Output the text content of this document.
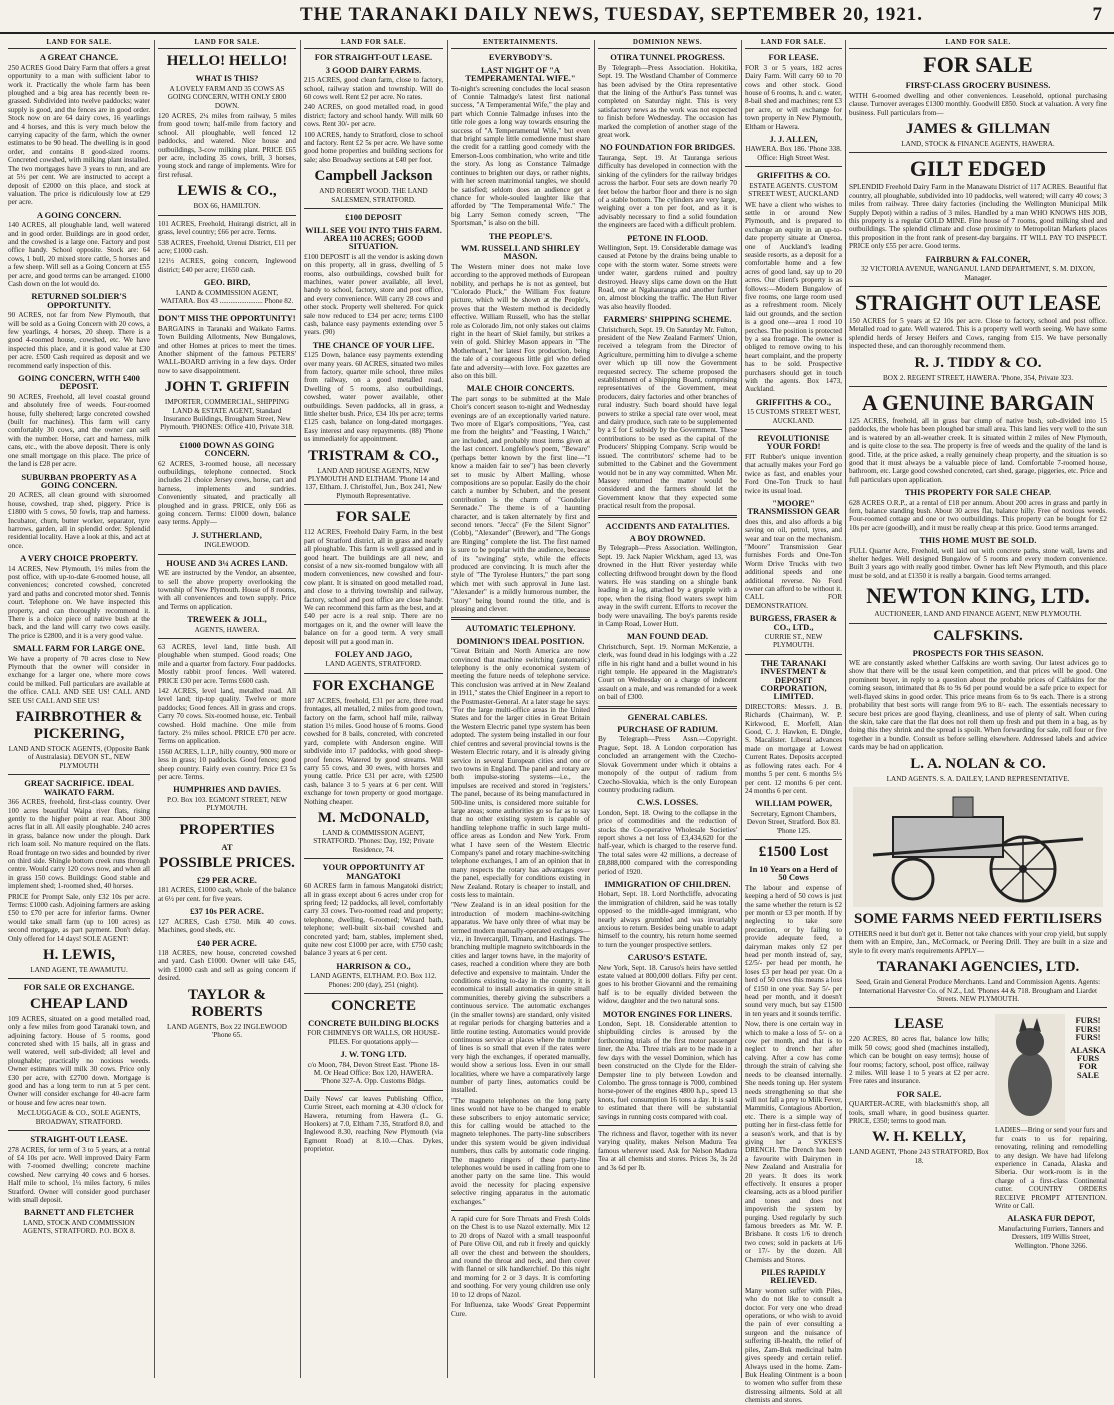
THE TARANAKI DAILY NEWS, TUESDAY, SEPTEMBER 20, 1921.	7
LAND FOR SALE.
A GREAT CHANCE.

250 ACRES Good Dairy Farm that offers a great opportunity to a man with sufficient labor to work it. Practically the whole farm has been ploughed and a big area has recently been re-grassed. Subdivided into twelve paddocks; water supply is good, and the fences are in good order. Stock now on are 64 dairy cows, 16 yearlings and 4 horses, and this is very much below the carrying capacity of the farm, which the owner estimates to be 90 head. The dwelling is in good order, and contains 8 good-sized rooms. Concreted cowshed, with milking plant installed. The two mortgages have 3 years to run, and are at 5½ per cent. We are instructed to accept a deposit of £2000 on this place, and stock at valuation. The price is ridiculously low at £29 per acre.

A GOING CONCERN.

140 ACRES, all ploughable land, well watered and in good order. Buildings are in good order, and the cowshed is a large one. Factory and post office handy. School opposite. Stock are: 64 cows, 1 bull, 20 mixed store cattle, 5 horses and a few sheep. Will sell as a Going Concern at £55 per acre, and good terms can be arranged. £1000 Cash down on the lot would do.

RETURNED SOLDIER'S OPPORTUNITY.

90 ACRES, not far from New Plymouth, that will be sold as a Going Concern with 20 cows, a few yearlings, 4 horses, 20 sheep. There is a good 4-roomed house, cowshed, etc. We have inspected this place, and it is good value at £30 per acre. £500 Cash required as deposit and we recommend early inspection of this.

GOING CONCERN, WITH £400 DEPOSIT.

90 ACRES, Freehold, all level coastal ground and absolutely free of weeds. Four-roomed house, fully sheltered; large concreted cowshed (built for machines). This farm will carry comfortably 30 cows, and the owner can sell with the number. Horse, cart and harness, milk cans, etc., with the above deposit. There is only one small mortgage on this place. The price of the land is £28 per acre.

SUBURBAN PROPERTY AS A GOING CONCERN.

20 ACRES, all clean ground with sixroomed house, cowshed, trap shed, piggery. Price is £1800 with 5 cows, 50 fowls, trap and harness. Incubator, churn, butter worker, separator, tyre harrows, garden, all in splendid order. Splendid residential locality. Have a look at this, and act at once.

A VERY CHOICE PROPERTY.

14 ACRES, New Plymouth, 1½ miles from the post office, with up-to-date 6-roomed house, all conveniences; concreted cowshed, concreted yard and paths and concreted motor shed. Tennis court. Telephone on. We have inspected this property, and can thoroughly recommend it. There is a choice piece of native bush at the back, and the land will carry two cows easily. The price is £2800, and it is a very good value.

SMALL FARM FOR LARGE ONE.

We have a property of 70 acres close to New Plymouth that the owner will consider in exchange for a larger one, where more cows could be milked. Full particulars are available at the office. CALL AND SEE US! CALL AND SEE US! CALL AND SEE US!

FAIRBROTHER & PICKERING,

LAND AND STOCK AGENTS, (Opposite Bank of Australasia). DEVON ST., NEW PLYMOUTH

GREAT SACRIFICE. IDEAL WAIKATO FARM.

366 ACRES, freehold, first-class country. Over 100 acres beautiful Waipa river flats, rising gently to the higher point at rear. About 300 acres flat in all. All easily ploughable. 240 acres in grass, balance now under the plough. Dark rich loam soil. No manure required on the flats. Road frontage on two sides and bounded by river on third side. Shingle bottom creek runs through centre. Would carry 120 cows now, and when all in grass 150 cows. Buildings: Good stable and implement shed; 1-roomed shed, 40 horses.

PRICE for Prompt Sale, only £32 10s per acre. Terms: £1000 cash. Adjoining farmers are asking £50 to £70 per acre for inferior farms. Owner would take small farm (up to 100 acres) as second mortgage, as part payment. Don't delay. Only offered for 14 days! SOLE AGENT:

H. LEWIS,

LAND AGENT, TE AWAMUTU.

FOR SALE OR EXCHANGE.
CHEAP LAND

109 ACRES, situated on a good metalled road, only a few miles from good Taranaki town, and adjoining factory. House of 5 rooms, good concreted shed with 15 bails, all in grass and well watered, well sub-divided; all level and ploughable; practically no noxious weeds. Owner estimates will milk 30 cows. Price only £30 per acre, with £2700 down. Mortgage is good and has a long term to run at 5 per cent. Owner will consider exchange for 40-acre farm or house and few acres near town.

McCLUGGAGE & CO., SOLE AGENTS, BROADWAY, STRATFORD.

STRAIGHT-OUT LEASE.

278 ACRES, for term of 3 to 5 years, at a rental of £4 10s per acre. Well improved Dairy Farm with 7-roomed dwelling; concrete machine cowshed. New carrying 40 cows and 6 horses. Half mile to school, 1¼ miles factory, 6 miles Stratford. Owner will consider good purchaser with small deposit.

BARNETT AND FLETCHER

LAND, STOCK AND COMMISSION AGENTS, STRATFORD. P.O. BOX 8.

LAND FOR SALE.
HELLO! HELLO!
WHAT IS THIS?

A LOVELY FARM AND 35 COWS AS GOING CONCERN, WITH ONLY £800 DOWN.

120 ACRES, 2¼ miles from railway, 5 miles from good town; half-mile from factory and school. All ploughable, well fenced 12 paddocks, and watered. Nice house and outbuildings, 3-cow milking plant. PRICE £65 per acre, including 35 cows, brill, 3 horses, young stock and range of implements. Wire for first refusal.

LEWIS & CO.,

BOX 66, HAMILTON.

101 ACRES, Freehold, Huirangi district, all in grass, level country; £66 per acre. Terms.

538 ACRES, Freehold, Urenui District, £11 per acre; £1000 cash.

121½ ACRES, going concern, Inglewood district; £40 per acre; £1650 cash.

GEO. BIRD,

LAND & COMMISSION AGENT, WAITARA. Box 43 ........................ Phone 82.

DON'T MISS THE OPPORTUNITY!

BARGAINS in Taranaki and Waikato Farms. Town Building Allotments, New Bungalows, and other Homes at prices to meet the times. Another shipment of the famous PETERS' WALL-BOARD arriving in a few days. Order now to save disappointment.

JOHN T. GRIFFIN

IMPORTER, COMMERCIAL, SHIPPING LAND & ESTATE AGENT, Standard Insurance Buildings, Brougham Street, New Plymouth. 'PHONES: Office 410, Private 318.

£1000 DOWN AS GOING CONCERN.

62 ACRES, 3-roomed house, all necessary outbuildings, telephone connected. Stock includes 21 choice Jersey cows, horse, cart and harness, implements and sundries. Conveniently situated, and practically all ploughed and in grass. PRICE, only £66 as going concern. Terms: £1000 down, balance easy terms. Apply—

J. SUTHERLAND,

INGLEWOOD.

HOUSE AND 3¼ ACRES LAND.

WE are instructed by the Vendor, an absentee, to sell the above property overlooking the township of New Plymouth. House of 8 rooms, with all conveniences and town supply. Price and Terms on application.

TREWEEK & JOLL,

AGENTS, HAWERA.

63 ACRES, level land, little bush. All ploughable when stumped. Good roads; One mile and a quarter from factory. Four paddocks. Mostly rabbit proof fences. Well watered. PRICE £30 per acre. Terms £600 cash.

142 ACRES, level land, metalled road. All level land; tip-top quality. Twelve or more paddocks; Good fences. All in grass and crops. Carry 70 cows. Six-roomed house, etc. Tenbail cowshed. Hold machine. One mile from factory. 2¼ miles school. PRICE £70 per acre. Terms on application.

1560 ACRES, L.I.P., hilly country, 900 more or less in grass; 10 paddocks. Good fences; good sheep country. Fairly even country. Price £3 5s per acre. Terms.

HUMPHRIES AND DAVIES.

P.O. Box 103. EGMONT STREET, NEW PLYMOUTH.

PROPERTIES
AT
POSSIBLE PRICES.
£29 PER ACRE.

181 ACRES, £1000 cash, whole of the balance at 6½ per cent. for five years.

£37 10s PER ACRE.

127 ACRES, Cash £750. Milk 40 cows. Machines, good sheds, etc.

£40 PER ACRE.

118 ACRES, new house, concreted cowshed and yard. Cash £1000. Owner will take £45, with £1000 cash and sell as going concern if desired.

TAYLOR & ROBERTS

LAND AGENTS, Box 22 INGLEWOOD 'Phone 65.

LAND FOR SALE.
FOR STRAIGHT-OUT LEASE.
3 GOOD DAIRY FARMS.

215 ACRES, good clean farm, close to factory, school, railway station and township. Will do 60 cows well. Rent £2 per acre. No rates.

240 ACRES, on good metalled road, in good district; factory and school handy. Will milk 60 cows. Rent 30/- per acre.

100 ACRES, handy to Stratford, close to school and factory. Rent £2 5s per acre. We have some good home properties and building sections for sale; also Broadway sections at £40 per foot.

Campbell Jackson

AND ROBERT WOOD. THE LAND SALESMEN, STRATFORD.

£100 DEPOSIT
WILL SEE YOU INTO THIS FARM. AREA 110 ACRES; GOOD SITUATION.

£100 DEPOSIT is all the vendor is asking down on this property, all in grass, dwelling of 5 rooms, also outbuildings, cowshed built for machines, water power available, all level, handy to school, factory, store and post office, and every convenience. Will carry 28 cows and other stock. Property well sheltered. For quick sale now reduced to £34 per acre; terms £100 cash, balance easy payments extending over 5 years. (90)

THE CHANCE OF YOUR LIFE.

£125 Down, balance easy payments extending over many years. 60 ACRES, situated two miles from factory, quarter mile school, three miles from railway, on a good metalled road. Dwelling of 5 rooms, also outbuildings, cowshed, water power available, other outbuildings. Seven paddocks, all in grass, a little shelter bush. Price, £34 10s per acre; terms £125 cash, balance on long-dated mortgages. Easy interest and easy repayments. (88) 'Phone us immediately for appointment.

TRISTRAM & CO.,

LAND AND HOUSE AGENTS, NEW PLYMOUTH AND ELTHAM. 'Phone 14 and 137, Eltham. J. Christoffel, Jun., Box 241, New Plymouth Representative.

FOR SALE

112 ACRES, Freehold Dairy Farm, in the best part of Stratford district, all in grass and nearly all ploughable. This farm is well grassed and in good heart. The buildings are all new, and consist of a new six-roomed bungalow with all modern conveniences, new cowshed and four-cow plant. It is situated on good metalled road, and close to a thriving township and railway, factory, school and post office are close handy. We can recommend this farm as the best, and at £40 per acre is a real snip. There are no mortgages on it, and the owner will leave the balance on for a good term. A very small deposit will put a good man in.

FOLEY AND JAGO,

LAND AGENTS, STRATFORD.

FOR EXCHANGE

187 ACRES, freehold, £31 per acre, three road frontages, all metalled, 2 miles from good town, factory on the farm, school half mile, railway station 1½ miles. Good house of 6 rooms. Good cowshed for 8 bails, concreted, with concreted yard, complete with Anderson engine. Will subdivide into 17 paddocks, with good sheep-proof fences. Watered by good streams. Will carry 55 cows, and 30 ewes, with horses and young cattle. Price £31 per acre, with £2500 cash, balance 3 to 5 years at 6 per cent. Will exchange for town property or good mortgage. Nothing cheaper.

M. McDONALD,

LAND & COMMISSION AGENT, STRATFORD. 'Phones: Day, 192; Private Residence, 74.

YOUR OPPORTUNITY AT MANGATOKI

60 ACRES farm in famous Mangatoki district; all in grass except about 6 acres under crop for spring feed; 12 paddocks, all level, comfortably carry 33 cows. Two-roomed road and property; telephone, dwelling, 6-roomed; Wizard bath, telephone; well-built six-bail cowshed and concreted yard; barn, stables, implement shed, quite new cost £1000 per acre, with £750 cash; balance 3 years at 6 per cent.

HARRISON & CO.,

LAND AGENTS, ELTHAM. P.O. Box 112. Phones: 200 (day), 251 (night).

CONCRETE
CONCRETE BUILDING BLOCKS

FOR CHIMNEYS OR WALLS, OR HOUSE-PILES. For quotations apply—

J. W. TONG LTD.

c/o Moon, 784, Devon Street East. 'Phone 18-M. Or Head Office: Box 120, HAWERA. 'Phone 327-A. Opp. Customs Bldgs.

Daily News' car leaves Publishing Office, Currie Street, each morning at 4.30 o'clock for Hawera, returning from Hawera (L. G. Hookers) at 7.0, Eltham 7.35, Stratford 8.0, and Inglewood 8.30, reaching New Plymouth (via Egmont Road) at 8.10.—Chas. Dykes, proprietor.

ENTERTAINMENTS.
EVERYBODY'S.
LAST NIGHT OF "A TEMPERAMENTAL WIFE."

To-night's screening concludes the local season of Connie Talmadge's latest first national success, "A Temperamental Wife," the play and part which Connie Talmadge infuses into the title role goes a long way towards ensuring the success of "A Temperamental Wife," but even that bright sample little comedienne must share the credit for a rattling good comedy with the Emerson-Loos combination, who write and title the story. As long as Constance Talmadge continues to brighten our days, or rather nights, with her screen matrimonial tangles, we should be satisfied; seldom does an audience get a chance for whole-souled laughter like that afforded by "The Temperamental Wife." The big Larry Semon comedy screen, "The Sportsman," is also on the bill.

THE PEOPLE'S.
WM. RUSSELL AND SHIRLEY MASON.

The Western miner does not make love according to the approved methods of European nobility, and perhaps he is not as genteel, but "Colorado Pluck," the William Fox feature picture, which will be shown at the People's, proves that the Western method is decidedly effective. William Russell, who has the stellar role as Colorado Jim, not only stakes out claims right in the heart of Skiel family, but strikes a vein of gold. Shirley Mason appears in "The Motherheart," her latest Fox production, being the tale of a courageous little girl who defied fate and adversity—with love. Fox gazettes are also on this bill.

MALE CHOIR CONCERTS.

The part songs to be submitted at the Male Choir's concert season to-night and Wednesday evenings are of an exceptionally varied nature. Two more of Elgar's compositions, "Yea, cast me from the heights" and "Feasting, I Watch," are included, and probably most items given at the last concert. Longfellow's poem, "Beware" (perhaps better known by the first line—"I know a maiden fair to see") has been cleverly set to music by Albert Malling, whose compositions are so popular. Easily do the choir catch a number by Schubert, and the present contribution is the charm of "Gondolier Serenade." The theme is of a haunting character, and is taken alternately by first and second tenors. "Jecca" (Fe the Silent Signor" (Cobb), "Alexander" (Brewer), and "The Gongs are Ringing" complete the list. The first named is sure to be popular with the audience, because of its "swinging" style, while the effects produced are convincing. It is much after the style of "The Tyrolese Hunters," the part song which met with such approval in June last. "Alexander" is a mildly humorous number, the "story" being bound round the title, and is pleasing and clever.

AUTOMATIC TELEPHONY.
DOMINION'S IDEAL POSITION.

"Great Britain and North America are now convinced that machine switching (automatic) telephony is the only economical system of meeting the future needs of telephone service. This conclusion was arrived at in New Zealand in 1911," states the Chief Engineer in a report to the Postmaster-General. At a later stage he says: "For the large multi-office areas in the United States and for the larger cities in Great Britain the Western Electric panel type system has been adopted. The system being installed in our four chief centres and several provincial towns is the Western Electric rotary, and it is already giving service in several European cities and one or two towns in England. The panel and rotary are both impulse-storing systems—i.e., the impulses are received and stored in 'registers.' The panel, because of its being manufactured in 500-line units, is considered more suitable for large areas; some authorities go so far as to say that no other existing system is capable of handling telephone traffic in such large multi-office areas as London and New York. From what I have seen of the Western Electric Company's panel and rotary machine-switching telephone exchanges, I am of an opinion that in many respects the rotary has advantages over the panel, especially for conditions existing in New Zealand. Rotary is cheaper to install, and costs less to maintain.

"New Zealand is in an ideal position for the introduction of modern machine-switching apparatus. We have only three of what may be termed modern manually-operated exchanges—viz., in Invercargill, Timaru, and Hastings. The branching multiple magneto switchboards in the cities and larger towns have, in the majority of cases, reached a condition where they are both defective and expensive to maintain. Under the conditions existing to-day in the country, it is economical to install automatics in quite small communities, thereby giving the subscribers a continuous service. The automatic exchanges (in the smaller towns) are standard, only visited at regular periods for charging batteries and a little routine testing. Automatics would provide continuous service at places where the number of lines is so small that even if the rates were very high the exchanges, if operated manually, would show a serious loss. Even in our small localities, where we have a comparatively large number of party lines, automatics could be installed.

"The magneto telephones on the long party lines would not have to be changed to enable these subscribers to enjoy automatic service; this for calling would be attached to the magneto telephones. The party-line subscribers under this system would be given individual numbers, thus calls by automatic code ringing. The magneto ringers of these party-line telephones would be used in calling from one to another party on the same line. This would avoid the necessity for placing expensive selective ringing apparatus in the automatic exchanges."

A rapid cure for Sore Throats and Fresh Colds on the Chest is to use Nazol externally. Mix 12 to 20 drops of Nazol with a small teaspoonful of Pure Olive Oil, and rub it freely and quickly all over the chest and between the shoulders, and round the throat and neck, and then cover with flannel or silk handkerchief. Do this night and morning for 2 or 3 days. It is comforting and soothing. For very young children use only 10 to 12 drops of Nazol.

For Influenza, take Woods' Great Peppermint Cure.

DOMINION NEWS.
OTIRA TUNNEL PROGRESS.

By Telegraph—Press Association. Hokitika, Sept. 19. The Westland Chamber of Commerce has been advised by the Otira representative that the lining of the Arthur's Pass tunnel was completed on Saturday night. This is very satisfactory news as the work was not expected to finish before Wednesday. The occasion has marked the completion of another stage of the great work.

NO FOUNDATION FOR BRIDGES.

Tauranga, Sept. 19. At Tauranga serious difficulty has developed in connection with the sinking of the cylinders for the railway bridges across the harbor. Four sets are down nearly 70 feet below the harbor floor and there is no sign of a stable bottom. The cylinders are very large, weighing over a ton per foot, and as it is advisably necessary to find a solid foundation the engineers are faced with a difficult problem.

PETONE IN FLOOD.

Wellington, Sept. 19. Considerable damage was caused at Petone by the drains being unable to cope with the storm water. Some streets were under water, gardens ruined and poultry destroyed. Heavy slips came down on the Hutt Road, one at Ngahauranga and another further on, almost blocking the traffic. The Hutt River was also heavily flooded.

FARMERS' SHIPPING SCHEME.

Christchurch, Sept. 19. On Saturday Mr. Fulton, president of the New Zealand Farmers' Union, received a telegram from the Director of Agriculture, permitting him to divulge a scheme over which up till now the Government requested secrecy. The scheme proposed the establishment of a Shipping Board, comprising representatives of the Government, meat producers, dairy factories and other branches of rural industry. Such board should have legal powers to strike a special rate over wool, meat and dairy produce, such rate to be supplemented by a £ for £ subsidy by the Government. These contributions to be used as the capital of the Producers' Shipping Company. Scrip would be issued. The contributors' scheme had to be submitted to the Cabinet and the Government would not be in any way committed. When Mr. Massey returned the matter would be considered and the farmers should let the Government know that they expected some practical result from the proposal.

ACCIDENTS AND FATALITIES.
A BOY DROWNED.

By Telegraph—Press Association. Wellington, Sept. 19. Jack Napier Wickham, aged 13, was drowned in the Hutt River yesterday while collecting driftwood brought down by the flood waters. He was standing on a shingle bank leading in a log, attached by a grapple with a rope, when the rising flood waters swept him away in the swift current. Efforts to recover the body were unavailing. The boy's parents reside in Camp Road, Lower Hutt.

MAN FOUND DEAD.

Christchurch, Sept. 19. Norman McKenzie, a clerk, was found dead in his lodgings with a .22 rifle in his right hand and a bullet wound in his right temple. He appeared in the Magistrate's Court on Wednesday on a charge of indecent assault on a male, and was remanded for a week on bail of £300.

GENERAL CABLES.
PURCHASE OF RADIUM.

By Telegraph—Press Assn.—Copyright. Prague, Sept. 18. A London corporation has concluded an arrangement with the Czecho-Slovak Government under which it obtains a monopoly of the output of radium from Czecho-Slovakia, which is the only European country producing radium.

C.W.S. LOSSES.

London, Sept. 18. Owing to the collapse in the price of commodities and the reduction of stocks the Co-operative Wholesale Societies' report shows a net loss of £3,434,620 for the half-year, which is charged to the reserve fund. The total sales were 42 millions, a decrease of £8,888,000 compared with the corresponding period of 1920.

IMMIGRATION OF CHILDREN.

Hobart, Sept. 18. Lord Northcliffe, advocating the immigration of children, said he was totally opposed to the middle-aged immigrant, who nearly always grumbled and was invariably anxious to return. Besides being unable to adapt himself to the country, his return home seemed to turn the younger prospective settlers.

CARUSO'S ESTATE.

New York, Sept. 18. Caruso's heirs have settled estate valued at 800,000 dollars. Fifty per cent. goes to his brother Giovanni and the remaining half is to be equally divided between the widow, daughter and the two natural sons.

MOTOR ENGINES FOR LINERS.

London, Sept. 18. Considerable attention to shipbuilding circles is aroused by the forthcoming trials of the first motor passenger liner, the Aba. Three trials are to be made in a few days with the vessel Dominion, which has been constructed on the Clyde for the Elder-Dempster line to ply between Lowdon and Colombo. The gross tonnage is 7000, combined horse-power of the engines 4800 h.p., speed 13 knots, fuel consumption 16 tons a day. It is said to estimated that there will be substantial savings in running costs compared with coal.

The richness and flavor, together with its never varying quality, makes Nelson Madura Tea famous wherever used. Ask for Nelson Madura Tea at all chemists and stores. Prices 3s, 3s 2d and 3s 6d per lb.

LAND FOR SALE.
FOR LEASE.

FOR 3 or 5 years, 182 acres Dairy Farm. Will carry 60 to 70 cows and other stock. Good house of 6 rooms, h. and c. water, 8-bail shed and machines; rent £3 per acre, or will exchange for town property in New Plymouth, Eltham or Hawera.

J. J. ALLEN,

HAWERA. Box 186. 'Phone 338. Office: High Street West.

GRIFFITHS & CO.

ESTATE AGENTS. CUSTOM STREET WEST, AUCKLAND

WE have a client who wishes to settle in or around New Plymouth, and is prepared to exchange an equity in an up-to-date property situate at Oneroa, one of Auckland's leading seaside resorts, as a deposit for a comfortable home and a few acres of good land, say up to 20 acres. Our client's property is as follows:—Modern Bungalow of five rooms, one large room used as a refreshment room. Nicely laid out grounds, and the section is a good one—area 1 rood 10 perches. The position is protected by a sea frontage. The owner is obliged to remove owing to his heart complaint, and the property has to be sold. Prospective purchasers should get in touch with the agents. Box 1473, Auckland.

GRIFFITHS & CO.,

15 CUSTOMS STREET WEST, AUCKLAND.

REVOLUTIONISE YOUR FORD!

FIT Rubber's unique invention that actually makes your Ford go twice as fast, and enables your Ford One-Ton Truck to haul twice its usual load.

"MOORE" TRANSMISSION GEAR

does this, and also affords a big saving on oil, petrol, tyres, and wear and tear on the mechanism. "Moore" Transmission Gear furnishes Fords and One-Ton Worm Drive Trucks with two additional speeds and one additional reverse. No Ford owner can afford to be without it. CALL FOR DEMONSTRATION.

BURGESS, FRASER & CO., LTD.,

CURRIE ST., NEW PLYMOUTH.

THE TARANAKI INVESTMENT & DEPOSIT CORPORATION, LIMITED.

DIRECTORS: Messrs. J. B. Richards (Chairman), W. P. Kirkwood, E. Morfell, Alan Good, C. J. Hawken, E. Dingle, S. Macalister. Liberal advances made on mortgage at Lowest Current Rates. Deposits accepted as following rates each. For 4 months 5 per cent. 6 months 5½ per cent. 12 months 6 per cent. 24 months 6 per cent.

WILLIAM POWER,

Secretary, Egmont Chambers, Devon Street, Stratford. Box 83. 'Phone 125.

£1500 Lost
In 10 Years on a Herd of 50 Cows

The labour and expense of keeping a herd of 50 cows is just the same whether the return is £2 per month or £3 per month. If by neglecting to take sore precaution, or by failing to provide adequate feed, a dairyman makes only £2 per head per month instead of, say, £2/5/- per head per month, he loses £3 per head per year. On a herd of 50 cows this means a loss of £150 in one year. Say 5/- per head per month, and it doesn't sound very much, but say £1500 in ten years and it sounds terrific.

Now, there is one certain way in which to make a loss of 5/- on a cow per month, and that is to neglect to drench her after calving. After a cow has come through the strain of calving she needs to be cleansed internally. She needs toning up. Her system needs strengthening so that she will not fall a prey to Milk Fever, Mammitis, Contagious Abortion, etc. There is a simple way of putting her in first-class fettle for a season's work, and that is by giving her a SYKES'S DRENCH. The Drench has been a favourite with Dairymen in New Zealand and Australia for 20 years. It does its work effectively. It ensures a proper cleansing, acts as a blood purifier and tones and does not impoverish the system by purging. Used regularly by such famous breeders as Mr. W. P. Brisbane. It costs 1/6 to drench two cows; sold in packets at 1/6 or 17/- by the dozen. All Chemists and Stores.

PILES RAPIDLY RELIEVED.

Many women suffer with Piles, who do not like to consult a doctor. For very one who dread operations, or who wish to avoid the pain of ever consulting a surgeon and the nuisance of suffering ill-health, the relief of piles, Zam-Buk medicinal balm gives speedy and certain relief. Always used in the home. Zam-Buk Healing Ointment is a boon to women who suffer from these distressing ailments. Sold at all chemists and stores.

LAND FOR SALE.
FOR SALE
FIRST-CLASS GROCERY BUSINESS.

WITH 6-roomed dwelling and other conveniences. Leasehold, optional purchasing clause. Turnover averages £1300 monthly. Goodwill £850. Stock at valuation. A very fine business. Full particulars from—

JAMES & GILLMAN

LAND, STOCK & FINANCE AGENTS, HAWERA.

GILT EDGED

SPLENDID Freehold Dairy Farm in the Manawatu District of 117 ACRES. Beautiful flat country, all ploughable, subdivided into 10 paddocks, well watered; will carry 40 cows; 3 miles from railway. Three dairy factories (including the Wellington Municipal Milk Supply Depot) within a radius of 3 miles. Handled by a man WHO KNOWS HIS JOB, this property is a regular GOLD MINE. Fine house of 7 rooms, good milking shed and outbuildings. The splendid climate and close proximity to Metropolitan Markets places this proposition in the front rank of present-day bargains. IT WILL PAY TO INSPECT. PRICE only £55 per acre. Good terms.

FAIRBURN & FALCONER,

32 VICTORIA AVENUE, WANGANUI. LAND DEPARTMENT, S. M. DIXON, Manager.

STRAIGHT OUT LEASE

150 ACRES for 5 years at £2 10s per acre. Close to factory, school and post office. Metalled road to gate. Well watered. This is a property well worth seeing. We have some splendid herds of Jersey Heifers and Cows, ranging from £15. We have personally inspected these, and can thoroughly recommend them.

R. J. TIDDY & CO.

BOX 2. REGENT STREET, HAWERA. 'Phone, 354, Private 323.

A GENUINE BARGAIN

125 ACRES, freehold, all in grass bar clump of native bush, sub-divided into 15 paddocks, the whole has been ploughed bar small area. This land lies very well to the sun and is watered by an all-weather creek. It is situated within 2 miles of New Plymouth, and is quite close to the sea. The property is free of weeds and the quality of the land is good. Title, at the price asked, a really genuinely cheap property, and the situation is so good that it must always be a valuable piece of land. Comfortable 7-roomed house, bathroom, etc. Large good cowshed concreted, cart shed, garage, piggeries, etc. Price and full particulars upon application.

THIS PROPERTY FOR SALE CHEAP.

628 ACRES O.R.P., at a rental of £18 per annum. About 200 acres in grass and partly in fern, balance standing bush. About 30 acres flat, balance hilly. Free of noxious weeds. Four-roomed cottage and one or two outbuildings. This property can be bought for £2 10s per acre (goodwill), and it must be really cheap at this price. Good terms arranged.

THIS HOME MUST BE SOLD.

FULL Quarter Acre, Freehold, well laid out with concrete paths, stone wall, lawns and shelter hedges. Well designed Bungalow of 5 rooms and every modern convenience. Built 3 years ago with really good timber. Owner has left New Plymouth, and this place must be sold, and at £1350 it is really a bargain. Good terms arranged.

NEWTON KING, LTD.

AUCTIONEER, LAND AND FINANCE AGENT, NEW PLYMOUTH.

CALFSKINS.
PROSPECTS FOR THIS SEASON.

WE are constantly asked whether Calfskins are worth saving. Our latest advices go to show that there will be the usual keen competition, and that prices will be good. One prominent buyer, in reply to a question about the probable prices of Calfskins for the coming season, intimated that 8s to 9s 6d per pound would be a safe price to expect for well-flayed skins in good order. This price means from 6s to 9s each. There is a strong probability that best sorts will range from 9/6 to 8/- each. The essentials necessary to secure best prices are good flaying, cleanliness, and use of plenty of salt. When curing the skin, take care that the flat does not roll them up fresh and put them in a bag, as by doing this they shrink and the spread is spoilt. When forwarding for sale, roll four or five together in a bundle. Consult us before selling elsewhere. Addressed labels and advice cards may be had on application.

L. A. NOLAN & CO.

LAND AGENTS. S. A. DAILEY, LAND REPRESENTATIVE.

SOME FARMS NEED FERTILISERS

OTHERS need it but don't get it. Better not take chances with your crop yield, but supply them with an Empire, Jan., McCormack, or Peering Drill. They are built in a size and style to fit every man's requirements APPLY—

TARANAKI AGENCIES, LTD.

Seed, Grain and General Produce Merchants. Land and Commission Agents. Agents: International Harvester Co. of N.Z., Ltd. 'Phones 44 & 718. Brougham and Liardet Streets. NEW PLYMOUTH.

LEASE

220 ACRES, 80 acres flat, balance low hills; milk 50 cows; good shed (machines installed), which can be bought on easy terms); house of four rooms; factory, school, post office, railway 2 miles. Will lease 1 to 5 years at £2 per acre. Free rates and insurance.

FOR SALE.

QUARTER-ACRE, with blacksmith's shop, all tools, small whare, in good business quarter. PRICE, £350; terms to good man.

W. H. KELLY,

LAND AGENT, 'Phone 243 STRATFORD, Box 18.

FURS! FURS! FURS!
ALASKA FURS FOR SALE

LADIES—Bring or send your furs and fur coats to us for repairing, renovating, relining and remodelling to any design. We have had lifelong experience in Canada, Alaska and Siberia. Our work-room is in the charge of a first-class Continental cutter. COUNTRY ORDERS RECEIVE PROMPT ATTENTION. Write or Call.

ALASKA FUR DEPOT,

Manufacturing Furriers, Tanners and Dressers, 109 Willis Street, Wellington. 'Phone 3266.
